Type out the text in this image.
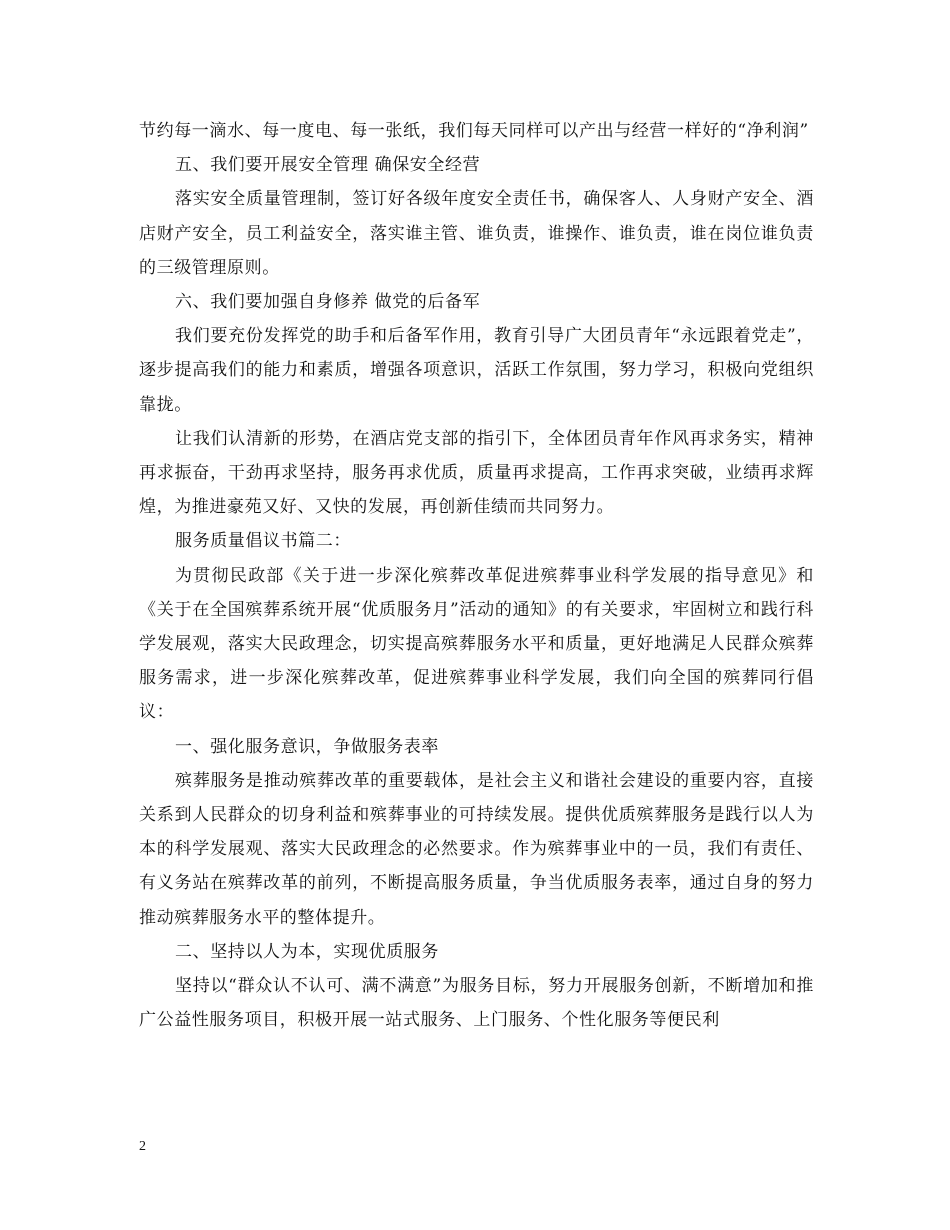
节约每一滴水、每一度电、每一张纸，我们每天同样可以产出与经营一样好的“净利润”

五、我们要开展安全管理 确保安全经营

落实安全质量管理制，签订好各级年度安全责任书，确保客人、人身财产安全、酒店财产安全，员工利益安全，落实谁主管、谁负责，谁操作、谁负责，谁在岗位谁负责的三级管理原则。

六、我们要加强自身修养 做党的后备军

我们要充份发挥党的助手和后备军作用，教育引导广大团员青年“永远跟着党走”，逐步提高我们的能力和素质，增强各项意识，活跃工作氛围，努力学习，积极向党组织靠拢。

让我们认清新的形势，在酒店党支部的指引下，全体团员青年作风再求务实，精神再求振奋，干劲再求坚持，服务再求优质，质量再求提高，工作再求突破，业绩再求辉煌，为推进豪苑又好、又快的发展，再创新佳绩而共同努力。

服务质量倡议书篇二：

为贯彻民政部《关于进一步深化殡葬改革促进殡葬事业科学发展的指导意见》和《关于在全国殡葬系统开展“优质服务月”活动的通知》的有关要求，牢固树立和践行科学发展观，落实大民政理念，切实提高殡葬服务水平和质量，更好地满足人民群众殡葬服务需求，进一步深化殡葬改革，促进殡葬事业科学发展，我们向全国的殡葬同行倡议：

一、强化服务意识，争做服务表率

殡葬服务是推动殡葬改革的重要载体，是社会主义和谐社会建设的重要内容，直接关系到人民群众的切身利益和殡葬事业的可持续发展。提供优质殡葬服务是践行以人为本的科学发展观、落实大民政理念的必然要求。作为殡葬事业中的一员，我们有责任、有义务站在殡葬改革的前列，不断提高服务质量，争当优质服务表率，通过自身的努力推动殡葬服务水平的整体提升。

二、坚持以人为本，实现优质服务

坚持以“群众认不认可、满不满意”为服务目标，努力开展服务创新，不断增加和推广公益性服务项目，积极开展一站式服务、上门服务、个性化服务等便民利

2
